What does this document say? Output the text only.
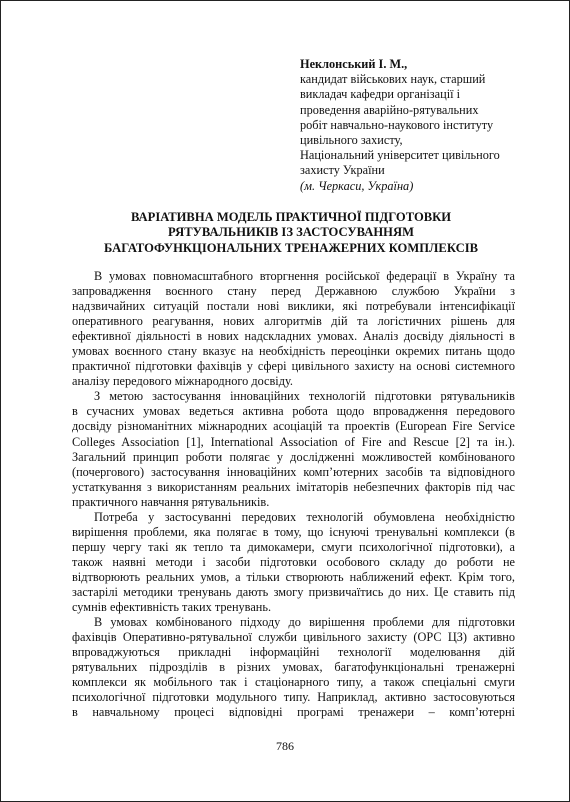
Неклонський І. М.,
кандидат військових наук, старший
викладач кафедри організації і
проведення аварійно-рятувальних
робіт навчально-наукового інституту
цивільного захисту,
Національний університет цивільного
захисту України
(м. Черкаси, Україна)
ВАРІАТИВНА МОДЕЛЬ ПРАКТИЧНОЇ ПІДГОТОВКИ
РЯТУВАЛЬНИКІВ ІЗ ЗАСТОСУВАННЯМ
БАГАТОФУНКЦІОНАЛЬНИХ ТРЕНАЖЕРНИХ КОМПЛЕКСІВ
В умовах повномасштабного вторгнення російської федерації в Україну та
запровадження воєнного стану перед Державною службою України з
надзвичайних ситуацій постали нові виклики, які потребували інтенсифікації
оперативного реагування, нових алгоритмів дій та логістичних рішень для
ефективної діяльності в нових надскладних умовах. Аналіз досвіду діяльності в
умовах воєнного стану вказує на необхідність переоцінки окремих питань щодо
практичної підготовки фахівців у сфері цивільного захисту на основі системного
аналізу передового міжнародного досвіду.
З метою застосування інноваційних технологій підготовки рятувальників
в сучасних умовах ведеться активна робота щодо впровадження передового
досвіду різноманітних міжнародних асоціацій та проектів (European Fire Service
Colleges Association [1], International Association of Fire and Rescue [2] та ін.).
Загальний принцип роботи полягає у дослідженні можливостей комбінованого
(почергового) застосування інноваційних комп’ютерних засобів та відповідного
устаткування з використанням реальних імітаторів небезпечних факторів під час
практичного навчання рятувальників.
Потреба у застосуванні передових технологій обумовлена необхідністю
вирішення проблеми, яка полягає в тому, що існуючі тренувальні комплекси (в
першу чергу такі як тепло та димокамери, смуги психологічної підготовки), а
також наявні методи і засоби підготовки особового складу до роботи не
відтворюють реальних умов, а тільки створюють наближений ефект. Крім того,
застарілі методики тренувань дають змогу призвичаїтись до них. Це ставить під
сумнів ефективність таких тренувань.
В умовах комбінованого підходу до вирішення проблеми для підготовки
фахівців Оперативно-рятувальної служби цивільного захисту (ОРС ЦЗ) активно
впроваджуються прикладні інформаційні технології моделювання дій
рятувальних підрозділів в різних умовах, багатофункціональні тренажерні
комплекси як мобільного так і стаціонарного типу, а також спеціальні смуги
психологічної підготовки модульного типу. Наприклад, активно застосовуються
в навчальному процесі відповідні програмі тренажери – комп’ютерні
786
